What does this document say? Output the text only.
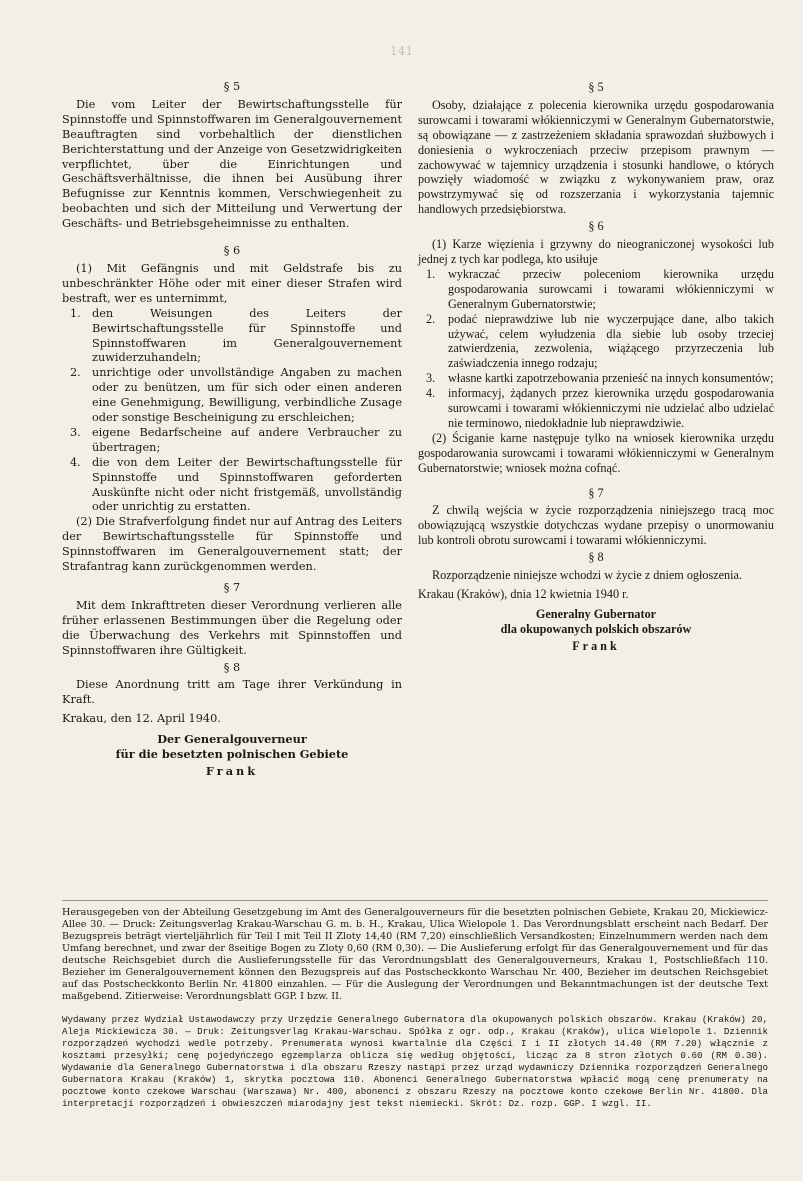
141
§ 5

Die vom Leiter der Bewirtschaftungsstelle für Spinnstoffe und Spinnstoffwaren im Generalgouvernement Beauftragten sind vorbehaltlich der dienstlichen Berichterstattung und der Anzeige von Gesetzwidrigkeiten verpflichtet, über die Einrichtungen und Geschäftsverhältnisse, die ihnen bei Ausübung ihrer Befugnisse zur Kenntnis kommen, Verschwiegenheit zu beobachten und sich der Mitteilung und Verwertung der Geschäfts- und Betriebsgeheimnisse zu enthalten.

§ 6

(1) Mit Gefängnis und mit Geldstrafe bis zu unbeschränkter Höhe oder mit einer dieser Strafen wird bestraft, wer es unternimmt,

1. den Weisungen des Leiters der Bewirtschaftungsstelle für Spinnstoffe und Spinnstoffwaren im Generalgouvernement zuwiderzuhandeln;
2. unrichtige oder unvollständige Angaben zu machen oder zu benützen, um für sich oder einen anderen eine Genehmigung, Bewilligung, verbindliche Zusage oder sonstige Bescheinigung zu erschleichen;
3. eigene Bedarfscheine auf andere Verbraucher zu übertragen;
4. die von dem Leiter der Bewirtschaftungsstelle für Spinnstoffe und Spinnstoffwaren geforderten Auskünfte nicht oder nicht fristgemäß, unvollständig oder unrichtig zu erstatten.

(2) Die Strafverfolgung findet nur auf Antrag des Leiters der Bewirtschaftungsstelle für Spinnstoffe und Spinnstoffwaren im Generalgouvernement statt; der Strafantrag kann zurückgenommen werden.

§ 7

Mit dem Inkrafttreten dieser Verordnung verlieren alle früher erlassenen Bestimmungen über die Regelung oder die Überwachung des Verkehrs mit Spinnstoffen und Spinnstoffwaren ihre Gültigkeit.

§ 8

Diese Anordnung tritt am Tage ihrer Verkündung in Kraft.

Krakau, den 12. April 1940.

Der Generalgouverneur

für die besetzten polnischen Gebiete

Frank

§ 5

Osoby, działające z polecenia kierownika urzędu gospodarowania surowcami i towarami włókienniczymi w Generalnym Gubernatorstwie, są obowiązane — z zastrzeżeniem składania sprawozdań służbowych i doniesienia o wykroczeniach przeciw przepisom prawnym — zachowywać w tajemnicy urządzenia i stosunki handlowe, o których powzięły wiadomość w związku z wykonywaniem praw, oraz powstrzymywać się od rozszerzania i wykorzystania tajemnic handlowych przedsiębiorstwa.

§ 6

(1) Karze więzienia i grzywny do nieograniczonej wysokości lub jednej z tych kar podlega, kto usiłuje

1. wykraczać przeciw poleceniom kierownika urzędu gospodarowania surowcami i towarami włókienniczymi w Generalnym Gubernatorstwie;
2. podać nieprawdziwe lub nie wyczerpujące dane, albo takich używać, celem wyłudzenia dla siebie lub osoby trzeciej zatwierdzenia, zezwolenia, wiążącego przyrzeczenia lub zaświadczenia innego rodzaju;
3. własne kartki zapotrzebowania przenieść na innych konsumentów;
4. informacyj, żądanych przez kierownika urzędu gospodarowania surowcami i towarami włókienniczymi nie udzielać albo udzielać nie terminowo, niedokładnie lub nieprawdziwie.

(2) Ściganie karne następuje tylko na wniosek kierownika urzędu gospodarowania surowcami i towarami włókienniczymi w Generalnym Gubernatorstwie; wniosek można cofnąć.

§ 7

Z chwilą wejścia w życie rozporządzenia niniejszego tracą moc obowiązującą wszystkie dotychczas wydane przepisy o unormowaniu lub kontroli obrotu surowcami i towarami włókienniczymi.

§ 8

Rozporządzenie niniejsze wchodzi w życie z dniem ogłoszenia.

Krakau (Kraków), dnia 12 kwietnia 1940 r.

Generalny Gubernator

dla okupowanych polskich obszarów

Frank

Herausgegeben von der Abteilung Gesetzgebung im Amt des Generalgouverneurs für die besetzten polnischen Gebiete, Krakau 20, Mickiewicz-Allee 30. — Druck: Zeitungsverlag Krakau-Warschau G. m. b. H., Krakau, Ulica Wielopole 1. Das Verordnungsblatt erscheint nach Bedarf. Der Bezugspreis beträgt vierteljährlich für Teil I mit Teil II Zloty 14,40 (RM 7,20) einschließlich Versandkosten; Einzelnummern werden nach dem Umfang berechnet, und zwar der 8seitige Bogen zu Zloty 0,60 (RM 0,30). — Die Auslieferung erfolgt für das Generalgouvernement und für das deutsche Reichsgebiet durch die Auslieferungsstelle für das Verordnungsblatt des Generalgouverneurs, Krakau 1, Postschließfach 110. Bezieher im Generalgouvernement können den Bezugspreis auf das Postscheckkonto Warschau Nr. 400, Bezieher im deutschen Reichsgebiet auf das Postscheckkonto Berlin Nr. 41800 einzahlen. — Für die Auslegung der Verordnungen und Bekanntmachungen ist der deutsche Text maßgebend. Zitierweise: Verordnungsblatt GGP. I bzw. II.
Wydawany przez Wydział Ustawodawczy przy Urzędzie Generalnego Gubernatora dla okupowanych polskich obszarów. Krakau (Kraków) 20, Aleja Mickiewicza 30. — Druk: Zeitungsverlag Krakau-Warschau. Spółka z ogr. odp., Krakau (Kraków), ulica Wielopole 1. Dziennik rozporządzeń wychodzi wedle potrzeby. Prenumerata wynosi kwartalnie dla Części I i II złotych 14.40 (RM 7.20) włącznie z kosztami przesyłki; cenę pojedyńczego egzemplarza oblicza się według objętości, licząc za 8 stron złotych 0.60 (RM 0.30). Wydawanie dla Generalnego Gubernatorstwa i dla obszaru Rzeszy nastąpi przez urząd wydawniczy Dziennika rozporządzeń Generalnego Gubernatora Krakau (Kraków) 1, skrytka pocztowa 110. Abonenci Generalnego Gubernatorstwa wpłacić mogą cenę prenumeraty na pocztowe konto czekowe Warschau (Warszawa) Nr. 400, abonenci z obszaru Rzeszy na pocztowe konto czekowe Berlin Nr. 41800. Dla interpretacji rozporządzeń i obwieszczeń miarodajny jest tekst niemiecki. Skrót: Dz. rozp. GGP. I wzgl. II.
